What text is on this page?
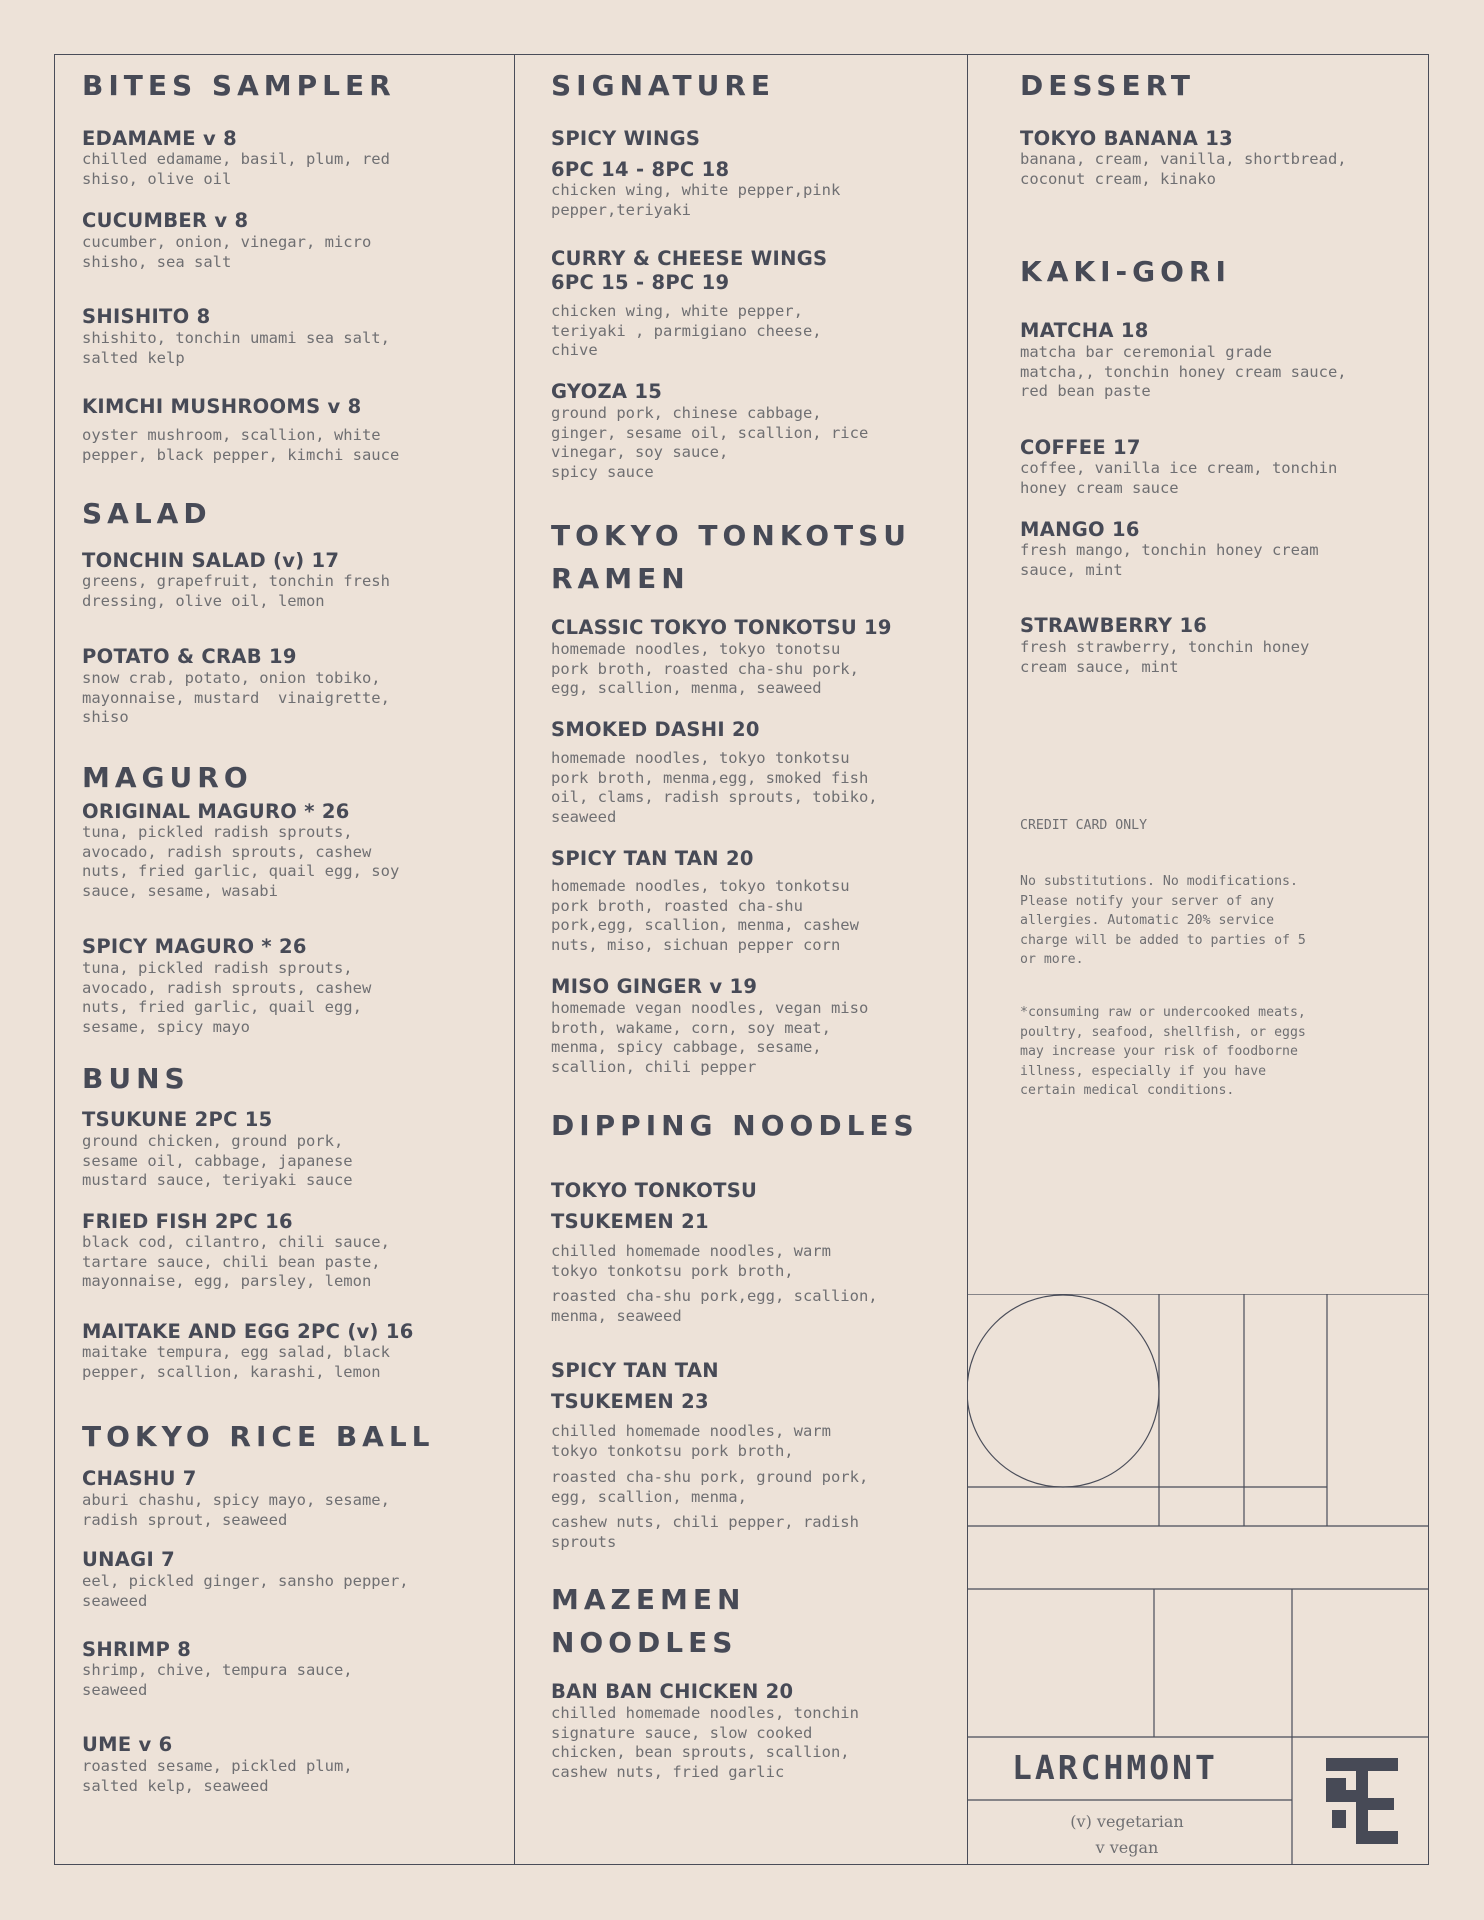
BITES SAMPLER
EDAMAME v 8
chilled edamame, basil, plum, red
shiso, olive oil
CUCUMBER v 8
cucumber, onion, vinegar, micro
shisho, sea salt
SHISHITO 8
shishito, tonchin umami sea salt,
salted kelp
KIMCHI MUSHROOMS v 8
oyster mushroom, scallion, white
pepper, black pepper, kimchi sauce
SALAD
TONCHIN SALAD (v) 17
greens, grapefruit, tonchin fresh
dressing, olive oil, lemon
POTATO & CRAB 19
snow crab, potato, onion tobiko,
mayonnaise, mustard  vinaigrette,
shiso
MAGURO
ORIGINAL MAGURO * 26
tuna, pickled radish sprouts,
avocado, radish sprouts, cashew
nuts, fried garlic, quail egg, soy
sauce, sesame, wasabi
SPICY MAGURO * 26
tuna, pickled radish sprouts,
avocado, radish sprouts, cashew
nuts, fried garlic, quail egg,
sesame, spicy mayo
BUNS
TSUKUNE 2PC 15
ground chicken, ground pork,
sesame oil, cabbage, japanese
mustard sauce, teriyaki sauce
FRIED FISH 2PC 16
black cod, cilantro, chili sauce,
tartare sauce, chili bean paste,
mayonnaise, egg, parsley, lemon
MAITAKE AND EGG 2PC (v) 16
maitake tempura, egg salad, black
pepper, scallion, karashi, lemon
TOKYO RICE BALL
CHASHU 7
aburi chashu, spicy mayo, sesame,
radish sprout, seaweed
UNAGI 7
eel, pickled ginger, sansho pepper,
seaweed
SHRIMP 8
shrimp, chive, tempura sauce,
seaweed
UME v 6
roasted sesame, pickled plum,
salted kelp, seaweed
SIGNATURE
SPICY WINGS
6PC 14 - 8PC 18
chicken wing, white pepper,pink
pepper,teriyaki
CURRY & CHEESE WINGS
6PC 15 - 8PC 19
chicken wing, white pepper,
teriyaki , parmigiano cheese,
chive
GYOZA 15
ground pork, chinese cabbage,
ginger, sesame oil, scallion, rice
vinegar, soy sauce,
spicy sauce
TOKYO TONKOTSU
RAMEN
CLASSIC TOKYO TONKOTSU 19
homemade noodles, tokyo tonotsu
pork broth, roasted cha-shu pork,
egg, scallion, menma, seaweed
SMOKED DASHI 20
homemade noodles, tokyo tonkotsu
pork broth, menma,egg, smoked fish
oil, clams, radish sprouts, tobiko,
seaweed
SPICY TAN TAN 20
homemade noodles, tokyo tonkotsu
pork broth, roasted cha-shu
pork,egg, scallion, menma, cashew
nuts, miso, sichuan pepper corn
MISO GINGER v 19
homemade vegan noodles, vegan miso
broth, wakame, corn, soy meat,
menma, spicy cabbage, sesame,
scallion, chili pepper
DIPPING NOODLES
TOKYO TONKOTSU
TSUKEMEN 21
chilled homemade noodles, warm
tokyo tonkotsu pork broth,
roasted cha-shu pork,egg, scallion,
menma, seaweed
SPICY TAN TAN
TSUKEMEN 23
chilled homemade noodles, warm
tokyo tonkotsu pork broth,
roasted cha-shu pork, ground pork,
egg, scallion, menma,
cashew nuts, chili pepper, radish
sprouts
MAZEMEN
NOODLES
BAN BAN CHICKEN 20
chilled homemade noodles, tonchin
signature sauce, slow cooked
chicken, bean sprouts, scallion,
cashew nuts, fried garlic
DESSERT
TOKYO BANANA 13
banana, cream, vanilla, shortbread,
coconut cream, kinako
KAKI-GORI
MATCHA 18
matcha bar ceremonial grade
matcha,, tonchin honey cream sauce,
red bean paste
COFFEE 17
coffee, vanilla ice cream, tonchin
honey cream sauce
MANGO 16
fresh mango, tonchin honey cream
sauce, mint
STRAWBERRY 16
fresh strawberry, tonchin honey
cream sauce, mint
CREDIT CARD ONLY
No substitutions. No modifications.
Please notify your server of any
allergies. Automatic 20% service
charge will be added to parties of 5
or more.
*consuming raw or undercooked meats,
poultry, seafood, shellfish, or eggs
may increase your risk of foodborne
illness, especially if you have
certain medical conditions.
LARCHMONT
(v) vegetarian
v vegan
